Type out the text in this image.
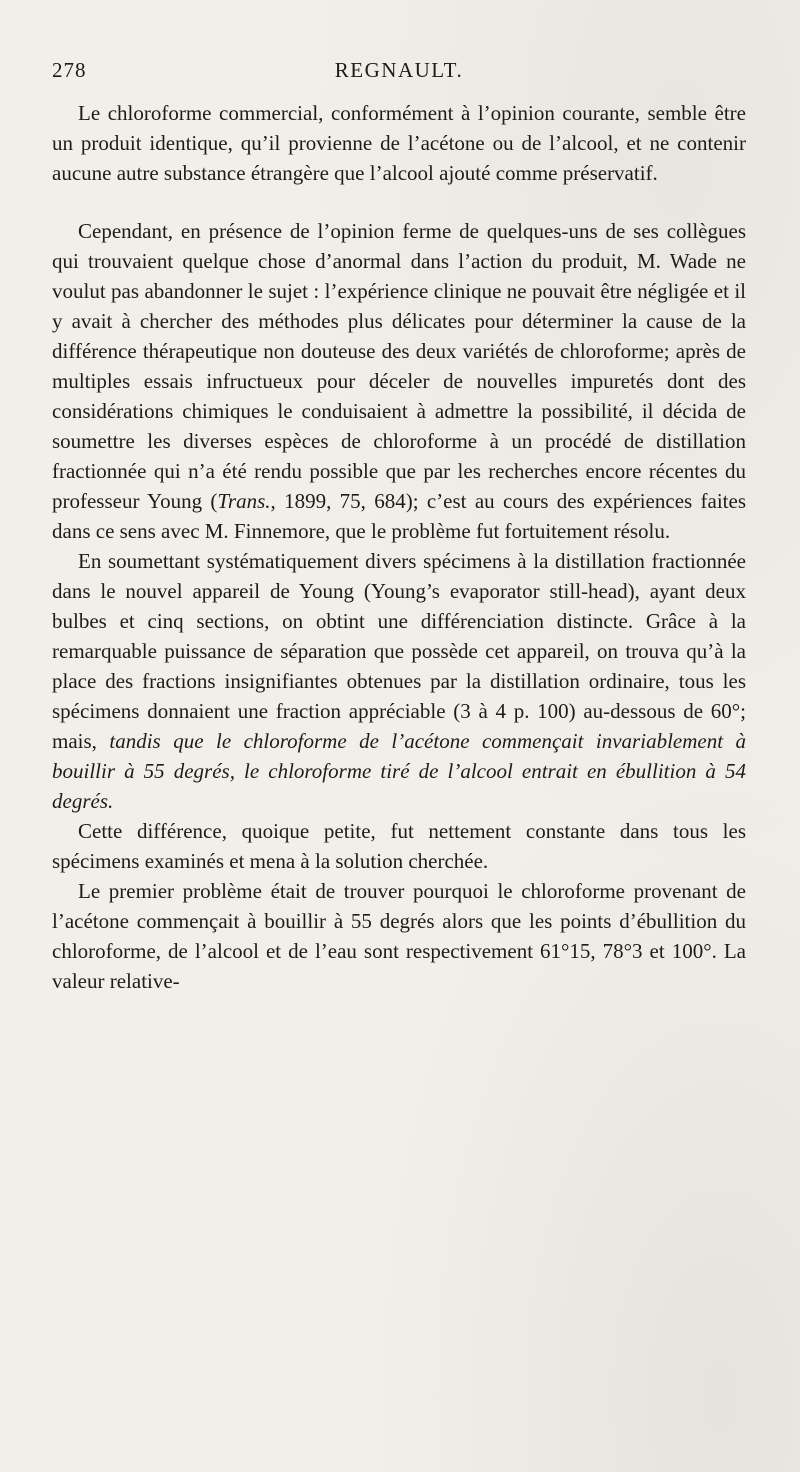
278	REGNAULT.

Le chloroforme commercial, conformément à l’opinion courante, semble être un produit identique, qu’il provienne de l’acétone ou de l’alcool, et ne contenir aucune autre substance étrangère que l’alcool ajouté comme préservatif.

Cependant, en présence de l’opinion ferme de quelques-uns de ses collègues qui trouvaient quelque chose d’anormal dans l’action du produit, M. Wade ne voulut pas abandonner le sujet : l’expérience clinique ne pouvait être négligée et il y avait à chercher des méthodes plus délicates pour déterminer la cause de la différence thérapeutique non douteuse des deux variétés de chloroforme; après de multiples essais infructueux pour déceler de nouvelles impuretés dont des considérations chimiques le conduisaient à admettre la possibilité, il décida de soumettre les diverses espèces de chloroforme à un procédé de distillation fractionnée qui n’a été rendu possible que par les recherches encore récentes du professeur Young (Trans., 1899, 75, 684); c’est au cours des expériences faites dans ce sens avec M. Finnemore, que le problème fut fortuitement résolu.

En soumettant systématiquement divers spécimens à la distillation fractionnée dans le nouvel appareil de Young (Young’s evaporator still-head), ayant deux bulbes et cinq sections, on obtint une différenciation distincte. Grâce à la remarquable puissance de séparation que possède cet appareil, on trouva qu’à la place des fractions insignifiantes obtenues par la distillation ordinaire, tous les spécimens donnaient une fraction appréciable (3 à 4 p. 100) au-dessous de 60°; mais, tandis que le chloroforme de l’acétone commençait invariablement à bouillir à 55 degrés, le chloroforme tiré de l’alcool entrait en ébullition à 54 degrés.

Cette différence, quoique petite, fut nettement constante dans tous les spécimens examinés et mena à la solution cherchée.

Le premier problème était de trouver pourquoi le chloroforme provenant de l’acétone commençait à bouillir à 55 degrés alors que les points d’ébullition du chloroforme, de l’alcool et de l’eau sont respectivement 61°15, 78°3 et 100°. La valeur relative-
